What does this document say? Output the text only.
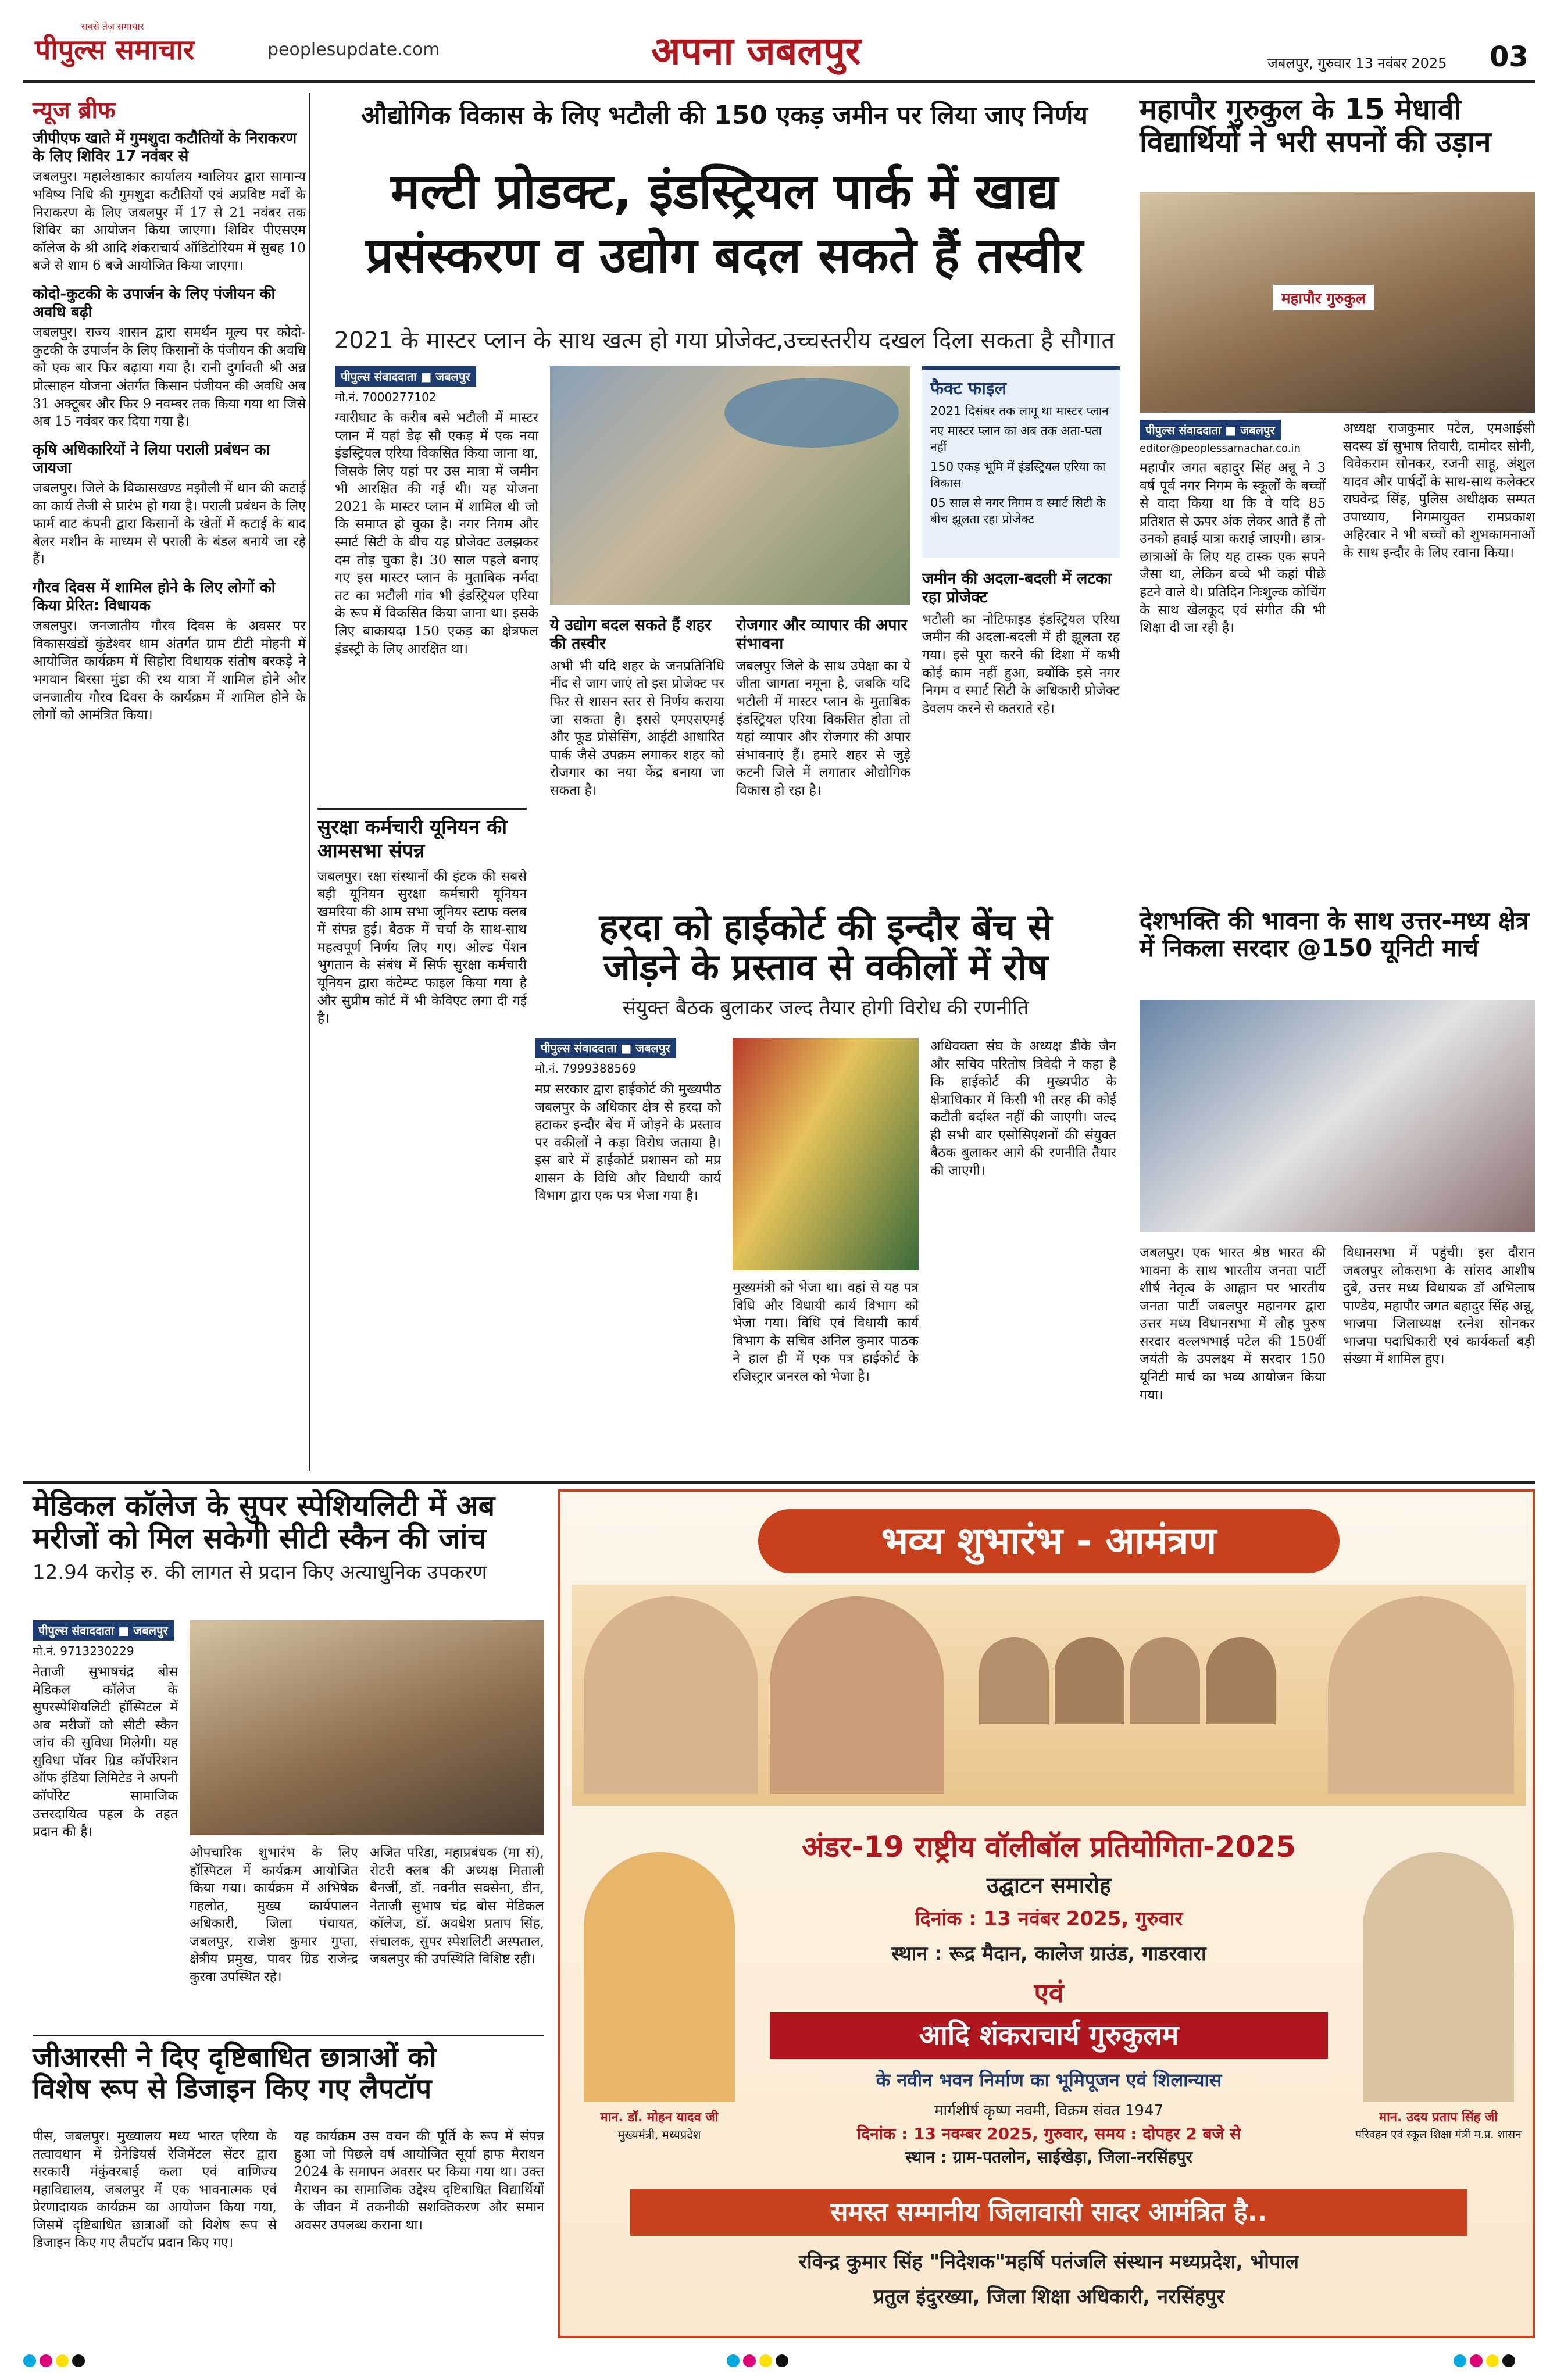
पीपुल्स समाचार
सबसे तेज़ समाचार
peoplesupdate.com	अपना जबलपुर	जबलपुर, गुरुवार 13 नवंबर 2025 03
न्यूज ब्रीफ
जीपीएफ खाते में गुमशुदा कटौतियों के निराकरण के लिए शिविर 17 नवंबर से
जबलपुर। महालेखाकार कार्यालय ग्वालियर द्वारा सामान्य भविष्य निधि की गुमशुदा कटौतियों एवं अप्रविष्ट मदों के निराकरण के लिए जबलपुर में 17 से 21 नवंबर तक शिविर का आयोजन किया जाएगा। शिविर पीएसएम कॉलेज के श्री आदि शंकराचार्य ऑडिटोरियम में सुबह 10 बजे से शाम 6 बजे आयोजित किया जाएगा।
कोदो-कुटकी के उपार्जन के लिए पंजीयन की अवधि बढ़ी
जबलपुर। राज्य शासन द्वारा समर्थन मूल्य पर कोदो-कुटकी के उपार्जन के लिए किसानों के पंजीयन की अवधि को एक बार फिर बढ़ाया गया है। रानी दुर्गावती श्री अन्न प्रोत्साहन योजना अंतर्गत किसान पंजीयन की अवधि अब 31 अक्टूबर और फिर 9 नवम्बर तक किया गया था जिसे अब 15 नवंबर कर दिया गया है।
कृषि अधिकारियों ने लिया पराली प्रबंधन का जायजा
जबलपुर। जिले के विकासखण्ड मझौली में धान की कटाई का कार्य तेजी से प्रारंभ हो गया है। पराली प्रबंधन के लिए फार्म वाट कंपनी द्वारा किसानों के खेतों में कटाई के बाद बेलर मशीन के माध्यम से पराली के बंडल बनाये जा रहे हैं।
गौरव दिवस में शामिल होने के लिए लोगों को किया प्रेरित: विधायक
जबलपुर। जनजातीय गौरव दिवस के अवसर पर विकासखंडों कुंडेश्वर धाम अंतर्गत ग्राम टीटी मोहनी में आयोजित कार्यक्रम में सिहोरा विधायक संतोष बरकड़े ने भगवान बिरसा मुंडा की रथ यात्रा में शामिल होने और जनजातीय गौरव दिवस के कार्यक्रम में शामिल होने के लोगों को आमंत्रित किया।
औद्योगिक विकास के लिए भटौली की 150 एकड़ जमीन पर लिया जाए निर्णय
मल्टी प्रोडक्ट, इंडस्ट्रियल पार्क में खाद्य
प्रसंस्करण व उद्योग बदल सकते हैं तस्वीर
2021 के मास्टर प्लान के साथ खत्म हो गया प्रोजेक्ट,उच्चस्तरीय दखल दिला सकता है सौगात
पीपुल्स संवाददाता ■ जबलपुर
मो.नं. 7000277102
ग्वारीघाट के करीब बसे भटौली में मास्टर प्लान में यहां डेढ़ सौ एकड़ में एक नया इंडस्ट्रियल एरिया विकसित किया जाना था, जिसके लिए यहां पर उस मात्रा में जमीन भी आरक्षित की गई थी। यह योजना 2021 के मास्टर प्लान में शामिल थी जो कि समाप्त हो चुका है। नगर निगम और स्मार्ट सिटी के बीच यह प्रोजेक्ट उलझकर दम तोड़ चुका है। 30 साल पहले बनाए गए इस मास्टर प्लान के मुताबिक नर्मदा तट का भटौली गांव भी इंडस्ट्रियल एरिया के रूप में विकसित किया जाना था। इसके लिए बाकायदा 150 एकड़ का क्षेत्रफल इंडस्ट्री के लिए आरक्षित था।
ये उद्योग बदल सकते हैं शहर की तस्वीर
अभी भी यदि शहर के जनप्रतिनिधि नींद से जाग जाएं तो इस प्रोजेक्ट पर फिर से शासन स्तर से निर्णय कराया जा सकता है। इससे एमएसएमई और फूड प्रोसेसिंग, आईटी आधारित पार्क जैसे उपक्रम लगाकर शहर को रोजगार का नया केंद्र बनाया जा सकता है।
रोजगार और व्यापार की अपार संभावना
जबलपुर जिले के साथ उपेक्षा का ये जीता जागता नमूना है, जबकि यदि भटौली में मास्टर प्लान के मुताबिक इंडस्ट्रियल एरिया विकसित होता तो यहां व्यापार और रोजगार की अपार संभावनाएं हैं। हमारे शहर से जुड़े कटनी जिले में लगातार औद्योगिक विकास हो रहा है।
फैक्ट फाइल
2021 दिसंबर तक लागू था मास्टर प्लान
नए मास्टर प्लान का अब तक अता-पता नहीं
150 एकड़ भूमि में इंडस्ट्रियल एरिया का विकास
05 साल से नगर निगम व स्मार्ट सिटी के बीच झूलता रहा प्रोजेक्ट
जमीन की अदला-बदली में लटका रहा प्रोजेक्ट
भटौली का नोटिफाइड इंडस्ट्रियल एरिया जमीन की अदला-बदली में ही झूलता रह गया। इसे पूरा करने की दिशा में कभी कोई काम नहीं हुआ, क्योंकि इसे नगर निगम व स्मार्ट सिटी के अधिकारी प्रोजेक्ट डेवलप करने से कतराते रहे।
सुरक्षा कर्मचारी यूनियन की आमसभा संपन्न
जबलपुर। रक्षा संस्थानों की इंटक की सबसे बड़ी यूनियन सुरक्षा कर्मचारी यूनियन खमरिया की आम सभा जूनियर स्टाफ क्लब में संपन्न हुई। बैठक में चर्चा के साथ-साथ महत्वपूर्ण निर्णय लिए गए। ओल्ड पेंशन भुगतान के संबंध में सिर्फ सुरक्षा कर्मचारी यूनियन द्वारा कंटेम्प्ट फाइल किया गया है और सुप्रीम कोर्ट में भी केविएट लगा दी गई है।
महापौर गुरुकुल के 15 मेधावी विद्यार्थियों ने भरी सपनों की उड़ान
महापौर गुरुकुल
पीपुल्स संवाददाता ■ जबलपुर
editor@peoplessamachar.co.in
महापौर जगत बहादुर सिंह अन्नू ने 3 वर्ष पूर्व नगर निगम के स्कूलों के बच्चों से वादा किया था कि वे यदि 85 प्रतिशत से ऊपर अंक लेकर आते हैं तो उनको हवाई यात्रा कराई जाएगी। छात्र-छात्राओं के लिए यह टास्क एक सपने जैसा था, लेकिन बच्चे भी कहां पीछे हटने वाले थे। प्रतिदिन निःशुल्क कोचिंग के साथ खेलकूद एवं संगीत की भी शिक्षा दी जा रही है।
अध्यक्ष राजकुमार पटेल, एमआईसी सदस्य डॉ सुभाष तिवारी, दामोदर सोनी, विवेकराम सोनकर, रजनी साहू, अंशुल यादव और पार्षदों के साथ-साथ कलेक्टर राघवेन्द्र सिंह, पुलिस अधीक्षक सम्पत उपाध्याय, निगमायुक्त रामप्रकाश अहिरवार ने भी बच्चों को शुभकामनाओं के साथ इन्दौर के लिए रवाना किया।
हरदा को हाईकोर्ट की इन्दौर बेंच से
जोड़ने के प्रस्ताव से वकीलों में रोष
संयुक्त बैठक बुलाकर जल्द तैयार होगी विरोध की रणनीति
पीपुल्स संवाददाता ■ जबलपुर
मो.नं. 7999388569
मप्र सरकार द्वारा हाईकोर्ट की मुख्यपीठ जबलपुर के अधिकार क्षेत्र से हरदा को हटाकर इन्दौर बेंच में जोड़ने के प्रस्ताव पर वकीलों ने कड़ा विरोध जताया है। इस बारे में हाईकोर्ट प्रशासन को मप्र शासन के विधि और विधायी कार्य विभाग द्वारा एक पत्र भेजा गया है।
मुख्यमंत्री को भेजा था। वहां से यह पत्र विधि और विधायी कार्य विभाग को भेजा गया। विधि एवं विधायी कार्य विभाग के सचिव अनिल कुमार पाठक ने हाल ही में एक पत्र हाईकोर्ट के रजिस्ट्रार जनरल को भेजा है।
अधिवक्ता संघ के अध्यक्ष डीके जैन और सचिव परितोष त्रिवेदी ने कहा है कि हाईकोर्ट की मुख्यपीठ के क्षेत्राधिकार में किसी भी तरह की कोई कटौती बर्दाश्त नहीं की जाएगी। जल्द ही सभी बार एसोसिएशनों की संयुक्त बैठक बुलाकर आगे की रणनीति तैयार की जाएगी।
देशभक्ति की भावना के साथ उत्तर-मध्य क्षेत्र में निकला सरदार @150 यूनिटी मार्च
जबलपुर। एक भारत श्रेष्ठ भारत की भावना के साथ भारतीय जनता पार्टी शीर्ष नेतृत्व के आह्वान पर भारतीय जनता पार्टी जबलपुर महानगर द्वारा उत्तर मध्य विधानसभा में लौह पुरुष सरदार वल्लभभाई पटेल की 150वीं जयंती के उपलक्ष्य में सरदार 150 यूनिटी मार्च का भव्य आयोजन किया गया।
विधानसभा में पहुंची। इस दौरान जबलपुर लोकसभा के सांसद आशीष दुबे, उत्तर मध्य विधायक डॉ अभिलाष पाण्डेय, महापौर जगत बहादुर सिंह अन्नू, भाजपा जिलाध्यक्ष रत्नेश सोनकर भाजपा पदाधिकारी एवं कार्यकर्ता बड़ी संख्या में शामिल हुए।
मेडिकल कॉलेज के सुपर स्पेशियलिटी में अब
मरीजों को मिल सकेगी सीटी स्कैन की जांच
12.94 करोड़ रु. की लागत से प्रदान किए अत्याधुनिक उपकरण
पीपुल्स संवाददाता ■ जबलपुर
मो.नं. 9713230229
नेताजी सुभाषचंद्र बोस मेडिकल कॉलेज के सुपरस्पेशियलिटी हॉस्पिटल में अब मरीजों को सीटी स्कैन जांच की सुविधा मिलेगी। यह सुविधा पॉवर ग्रिड कॉर्पोरेशन ऑफ इंडिया लिमिटेड ने अपनी कॉर्पोरेट सामाजिक उत्तरदायित्व पहल के तहत प्रदान की है।
औपचारिक शुभारंभ के लिए हॉस्पिटल में कार्यक्रम आयोजित किया गया। कार्यक्रम में अभिषेक गहलोत, मुख्य कार्यपालन अधिकारी, जिला पंचायत, जबलपुर, राजेश कुमार गुप्ता, क्षेत्रीय प्रमुख, पावर ग्रिड राजेन्द्र कुरवा उपस्थित रहे।
अजित परिडा, महाप्रबंधक (मा सं), रोटरी क्लब की अध्यक्ष मिताली बैनर्जी, डॉ. नवनीत सक्सेना, डीन, नेताजी सुभाष चंद्र बोस मेडिकल कॉलेज, डॉ. अवधेश प्रताप सिंह, संचालक, सुपर स्पेशलिटी अस्पताल, जबलपुर की उपस्थिति विशिष्ट रही।
जीआरसी ने दिए दृष्टिबाधित छात्राओं को
विशेष रूप से डिजाइन किए गए लैपटॉप
पीस, जबलपुर। मुख्यालय मध्य भारत एरिया के तत्वावधान में ग्रेनेडियर्स रेजिमेंटल सेंटर द्वारा सरकारी मंकुंवरबाई कला एवं वाणिज्य महाविद्यालय, जबलपुर में एक भावनात्मक एवं प्रेरणादायक कार्यक्रम का आयोजन किया गया, जिसमें दृष्टिबाधित छात्राओं को विशेष रूप से डिजाइन किए गए लैपटॉप प्रदान किए गए।
यह कार्यक्रम उस वचन की पूर्ति के रूप में संपन्न हुआ जो पिछले वर्ष आयोजित सूर्या हाफ मैराथन 2024 के समापन अवसर पर किया गया था। उक्त मैराथन का सामाजिक उद्देश्य दृष्टिबाधित विद्यार्थियों के जीवन में तकनीकी सशक्तिकरण और समान अवसर उपलब्ध कराना था।
भव्य शुभारंभ - आमंत्रण
अंडर-19 राष्ट्रीय वॉलीबॉल प्रतियोगिता-2025
उद्घाटन समारोह
दिनांक : 13 नवंबर 2025, गुरुवार
स्थान : रूद्र मैदान, कालेज ग्राउंड, गाडरवारा
एवं
आदि शंकराचार्य गुरुकुलम
के नवीन भवन निर्माण का भूमिपूजन एवं शिलान्यास
मार्गशीर्ष कृष्ण नवमी, विक्रम संवत 1947
दिनांक : 13 नवम्बर 2025, गुरुवार, समय : दोपहर 2 बजे से
स्थान : ग्राम-पतलोन, साईखेड़ा, जिला-नरसिंहपुर
मान. डॉ. मोहन यादव जी
मुख्यमंत्री, मध्यप्रदेश
मान. उदय प्रताप सिंह जी
परिवहन एवं स्कूल शिक्षा मंत्री म.प्र. शासन
समस्त सम्मानीय जिलावासी सादर आमंत्रित है..
रविन्द्र कुमार सिंह "निदेशक"महर्षि पतंजलि संस्थान मध्यप्रदेश, भोपाल
प्रतुल इंदुरख्या, जिला शिक्षा अधिकारी, नरसिंहपुर
